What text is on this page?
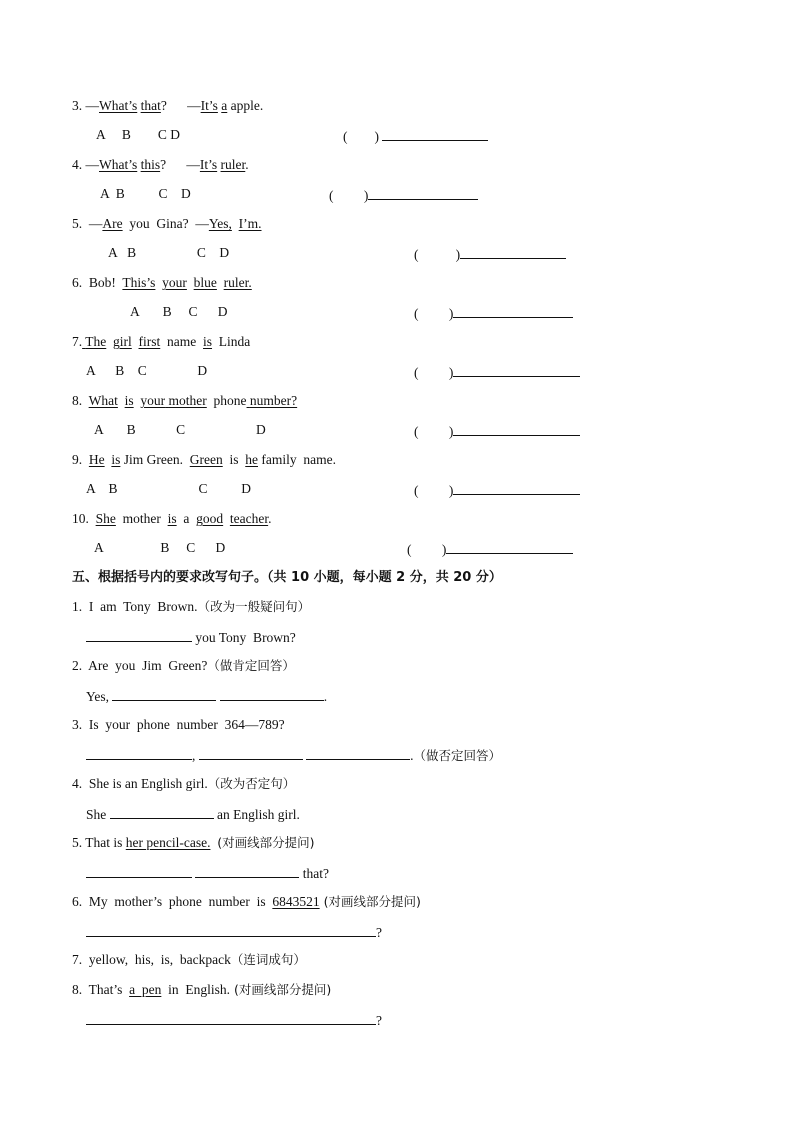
3. —What’s that? —It’s a apple.
A     B        C D	(        )
4. —What’s this? —It’s ruler.
A  B          C    D	(         )
5. —Are you Gina? —Yes, I’m.
A   B                  C    D	(           )
6. Bob! This’s your blue ruler.
A       B     C      D	(         )
7. The girl first name is Linda
A      B    C               D	(         )
8. What is your mother phone number?
A       B            C                     D	(         )
9. He is Jim Green. Green is he family  name.
A    B                        C          D	(         )
10. She mother is a good teacher.
A                 B     C      D	(         )
五、根据括号内的要求改写句子。（共 10 小题，每小题 2 分，共 20 分）
1.  I  am  Tony  Brown.（改为一般疑问句）
you Tony  Brown?
2.  Are  you  Jim  Green?（做肯定回答）
Yes,	.
3.  Is  your  phone  number  364—789?
,	.（做否定回答）
4.  She is an English girl.（改为否定句）
She	an English girl.
5. That is her pencil-case. (对画线部分提问)
that?
6.  My  mother’s  phone  number  is  6843521 (对画线部分提问)
?
7.  yellow,  his,  is,  backpack（连词成句）
8.  That’s  a  pen  in  English. (对画线部分提问)
?
